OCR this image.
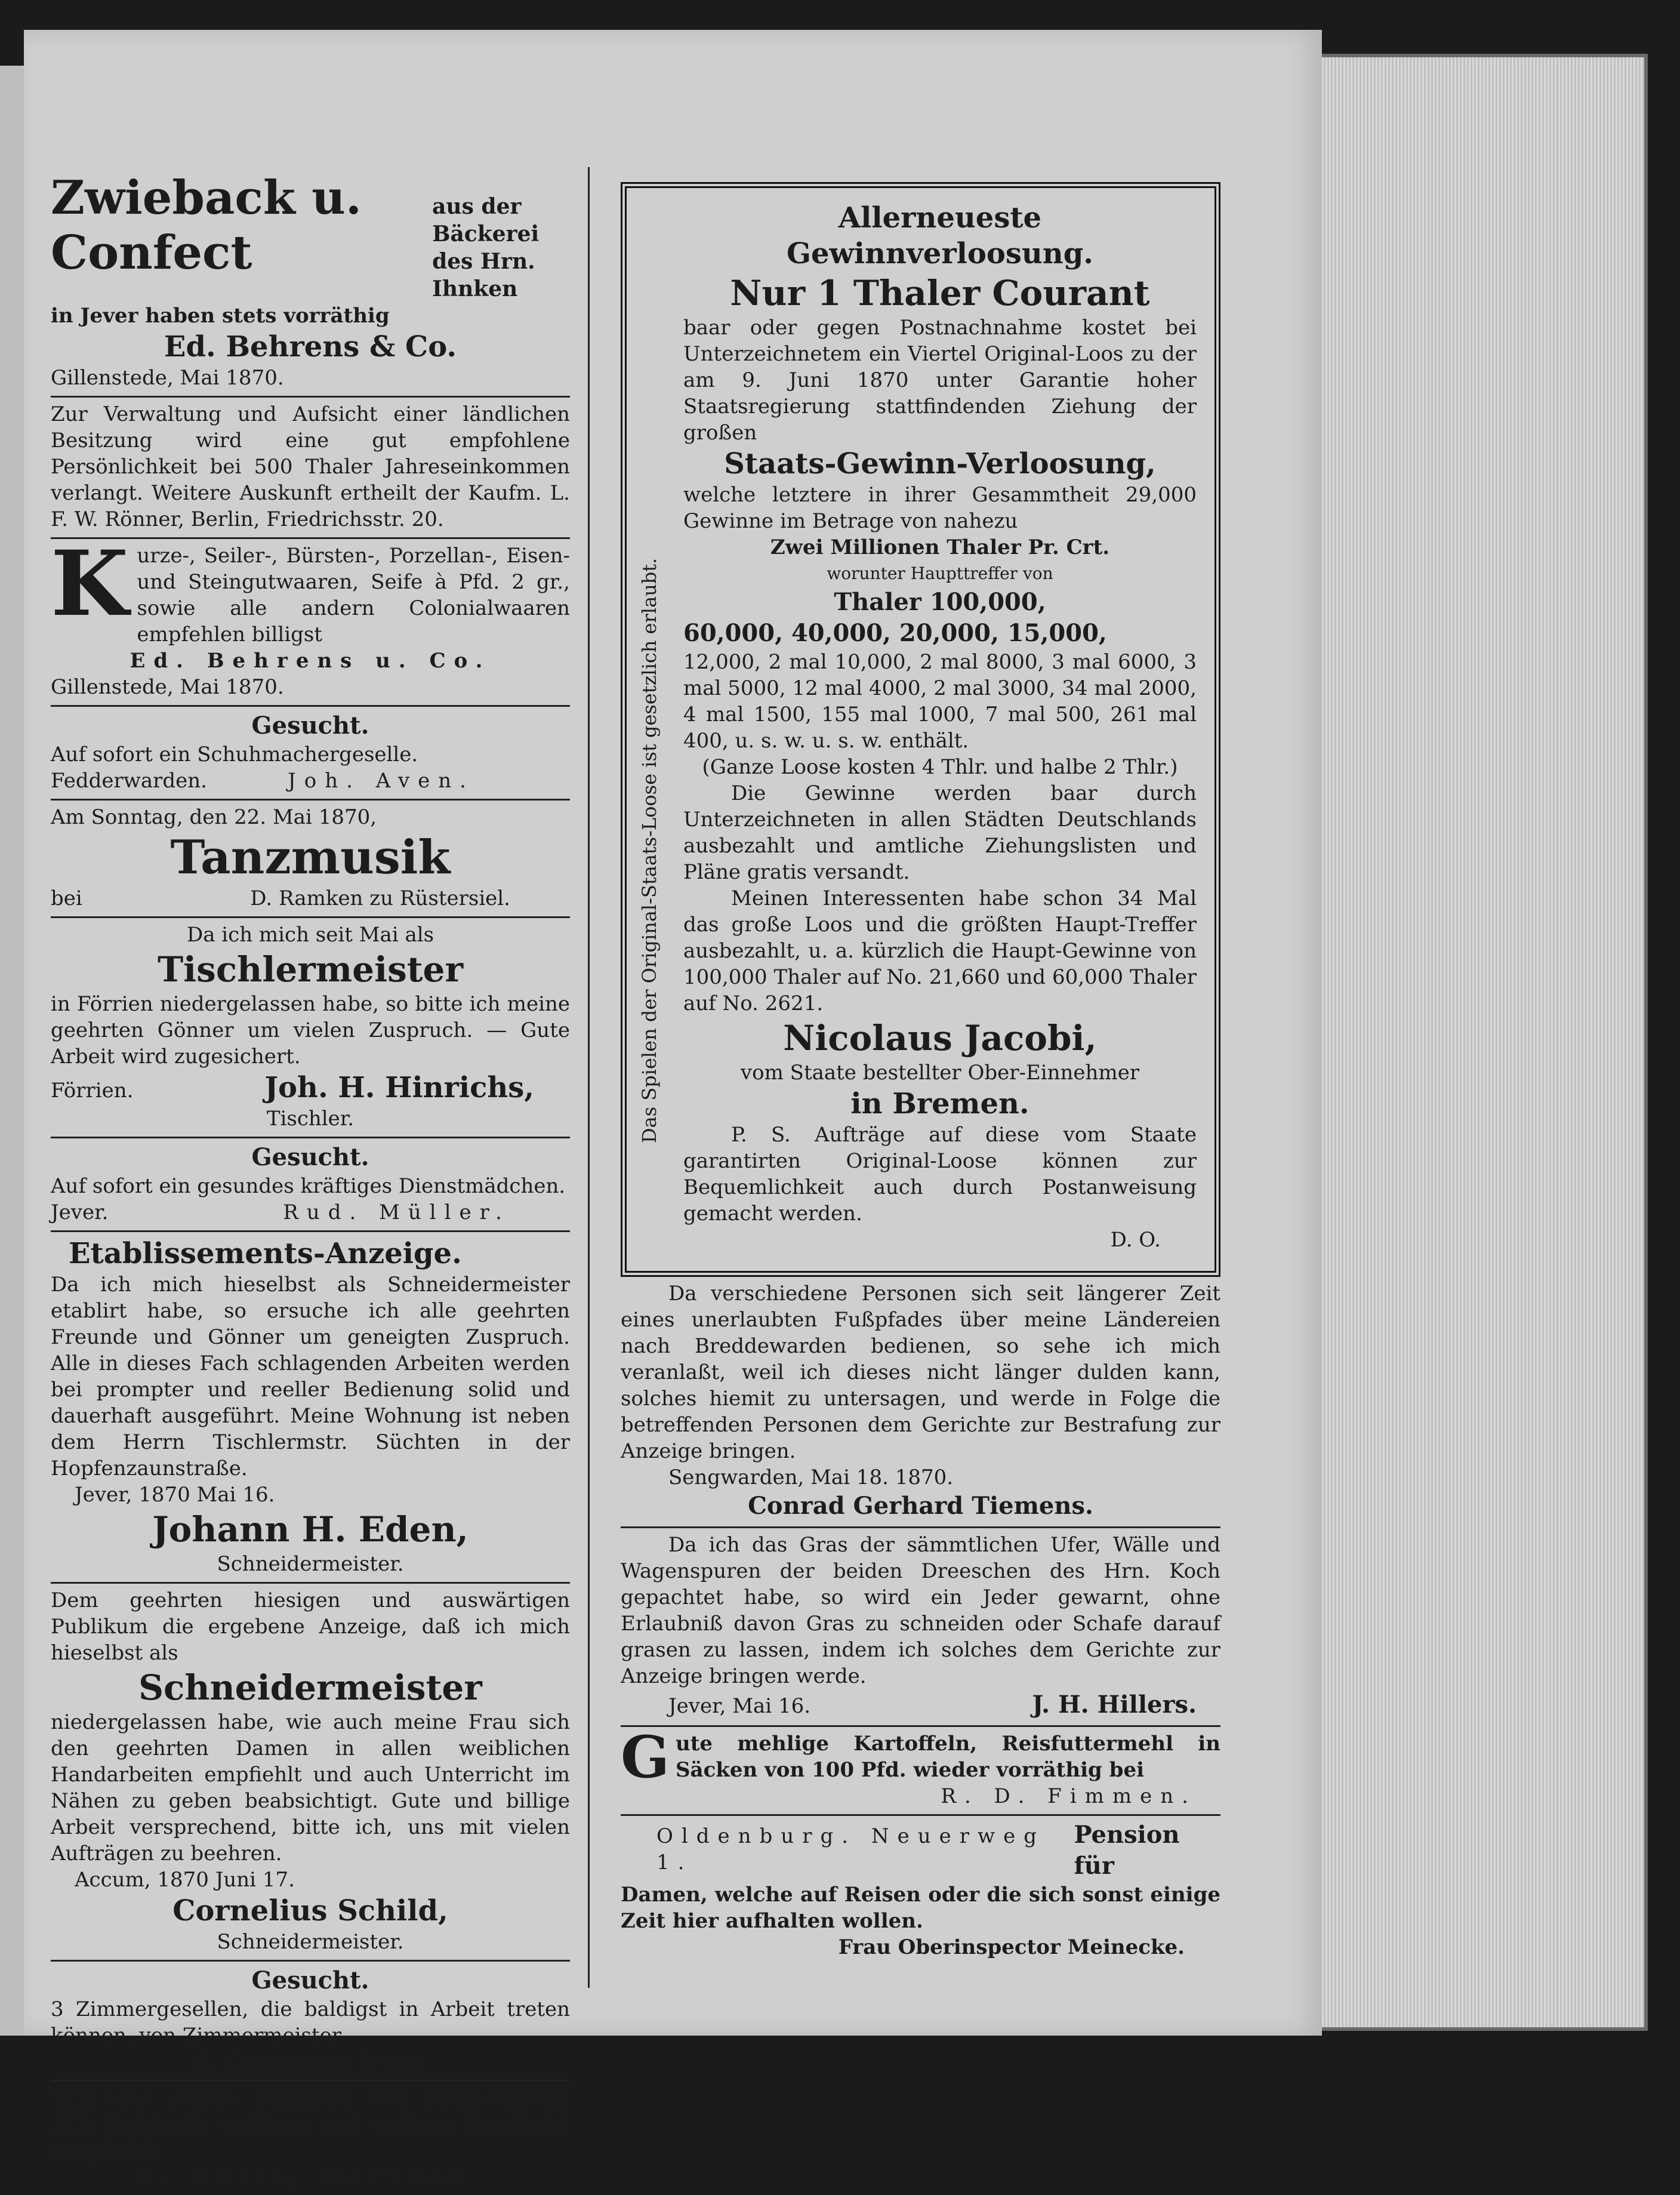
Zwieback u. Confect
aus der Bäckerei des Hrn. Ihnken
in Jever haben stets vorräthig
Ed. Behrens & Co.
Gillenstede, Mai 1870.
Zur Verwaltung und Aufsicht einer ländlichen Besitzung wird eine gut empfohlene Persönlichkeit bei 500 Thaler Jahreseinkommen verlangt. Weitere Auskunft ertheilt der Kaufm. L. F. W. Rönner, Berlin, Friedrichsstr. 20.
K urze-, Seiler-, Bürsten-, Porzellan-, Eisen- und Steingutwaaren, Seife à Pfd. 2 gr., sowie alle andern Colonialwaaren empfehlen billigst
Ed. Behrens u. Co.
Gillenstede, Mai 1870.
Gesucht.
Auf sofort ein Schuhmachergeselle.
Fedderwarden.	Joh. Aven.
Am Sonntag, den 22. Mai 1870,
Tanzmusik
bei	D. Ramken zu Rüstersiel.
Da ich mich seit Mai als
Tischlermeister
in Förrien niedergelassen habe, so bitte ich meine geehrten Gönner um vielen Zuspruch. — Gute Arbeit wird zugesichert.
Förrien.	Joh. H. Hinrichs,
Tischler.
Gesucht.
Auf sofort ein gesundes kräftiges Dienstmädchen.
Jever.	Rud. Müller.
Etablissements-Anzeige.
Da ich mich hieselbst als Schneidermeister etablirt habe, so ersuche ich alle geehrten Freunde und Gönner um geneigten Zuspruch. Alle in dieses Fach schlagenden Arbeiten werden bei prompter und reeller Bedienung solid und dauerhaft ausgeführt. Meine Wohnung ist neben dem Herrn Tischlermstr. Süchten in der Hopfenzaunstraße.
Jever, 1870 Mai 16.
Johann H. Eden,
Schneidermeister.
Dem geehrten hiesigen und auswärtigen Publikum die ergebene Anzeige, daß ich mich hieselbst als
Schneidermeister
niedergelassen habe, wie auch meine Frau sich den geehrten Damen in allen weiblichen Handarbeiten empfiehlt und auch Unterricht im Nähen zu geben beabsichtigt. Gute und billige Arbeit versprechend, bitte ich, uns mit vielen Aufträgen zu beehren.
Accum, 1870 Juni 17.
Cornelius Schild,
Schneidermeister.
Gesucht.
3 Zimmergesellen, die baldigst in Arbeit treten können, von Zimmermeister
E. Carstens in Jever.
R echt starke Pflanzen von Blumenkohl, Kohlrabi, weißem und rothem Kopfkohl empfiehlt
A. Ahlfs, Gärtner.
Das Spielen der Original-Staats-Loose ist gesetzlich erlaubt.
Allerneueste Gewinnverloosung.
Nur 1 Thaler Courant
baar oder gegen Postnachnahme kostet bei Unterzeichnetem ein Viertel Original-Loos zu der am 9. Juni 1870 unter Garantie hoher Staatsregierung stattfindenden Ziehung der großen
Staats-Gewinn-Verloosung,
welche letztere in ihrer Gesammtheit 29,000 Gewinne im Betrage von nahezu
Zwei Millionen Thaler Pr. Crt.
worunter Haupttreffer von
Thaler 100,000,
60,000, 40,000, 20,000, 15,000,
12,000, 2 mal 10,000, 2 mal 8000, 3 mal 6000, 3 mal 5000, 12 mal 4000, 2 mal 3000, 34 mal 2000, 4 mal 1500, 155 mal 1000, 7 mal 500, 261 mal 400, u. s. w. u. s. w. enthält.
(Ganze Loose kosten 4 Thlr. und halbe 2 Thlr.)
Die Gewinne werden baar durch Unterzeichneten in allen Städten Deutschlands ausbezahlt und amtliche Ziehungslisten und Pläne gratis versandt.
Meinen Interessenten habe schon 34 Mal das große Loos und die größten Haupt-Treffer ausbezahlt, u. a. kürzlich die Haupt-Gewinne von 100,000 Thaler auf No. 21,660 und 60,000 Thaler auf No. 2621.
Nicolaus Jacobi,
vom Staate bestellter Ober-Einnehmer
in Bremen.
P. S. Aufträge auf diese vom Staate garantirten Original-Loose können zur Bequemlichkeit auch durch Postanweisung gemacht werden.
D. O.
Da verschiedene Personen sich seit längerer Zeit eines unerlaubten Fußpfades über meine Ländereien nach Breddewarden bedienen, so sehe ich mich veranlaßt, weil ich dieses nicht länger dulden kann, solches hiemit zu untersagen, und werde in Folge die betreffenden Personen dem Gerichte zur Bestrafung zur Anzeige bringen.
Sengwarden, Mai 18. 1870.
Conrad Gerhard Tiemens.
Da ich das Gras der sämmtlichen Ufer, Wälle und Wagenspuren der beiden Dreeschen des Hrn. Koch gepachtet habe, so wird ein Jeder gewarnt, ohne Erlaubniß davon Gras zu schneiden oder Schafe darauf grasen zu lassen, indem ich solches dem Gerichte zur Anzeige bringen werde.
Jever, Mai 16.	J. H. Hillers.
G ute mehlige Kartoffeln, Reisfuttermehl in Säcken von 100 Pfd. wieder vorräthig bei
R. D. Fimmen.
Oldenburg. Neuerweg 1.
Pension für
Damen, welche auf Reisen oder die sich sonst einige Zeit hier aufhalten wollen.
Frau Oberinspector Meinecke.
